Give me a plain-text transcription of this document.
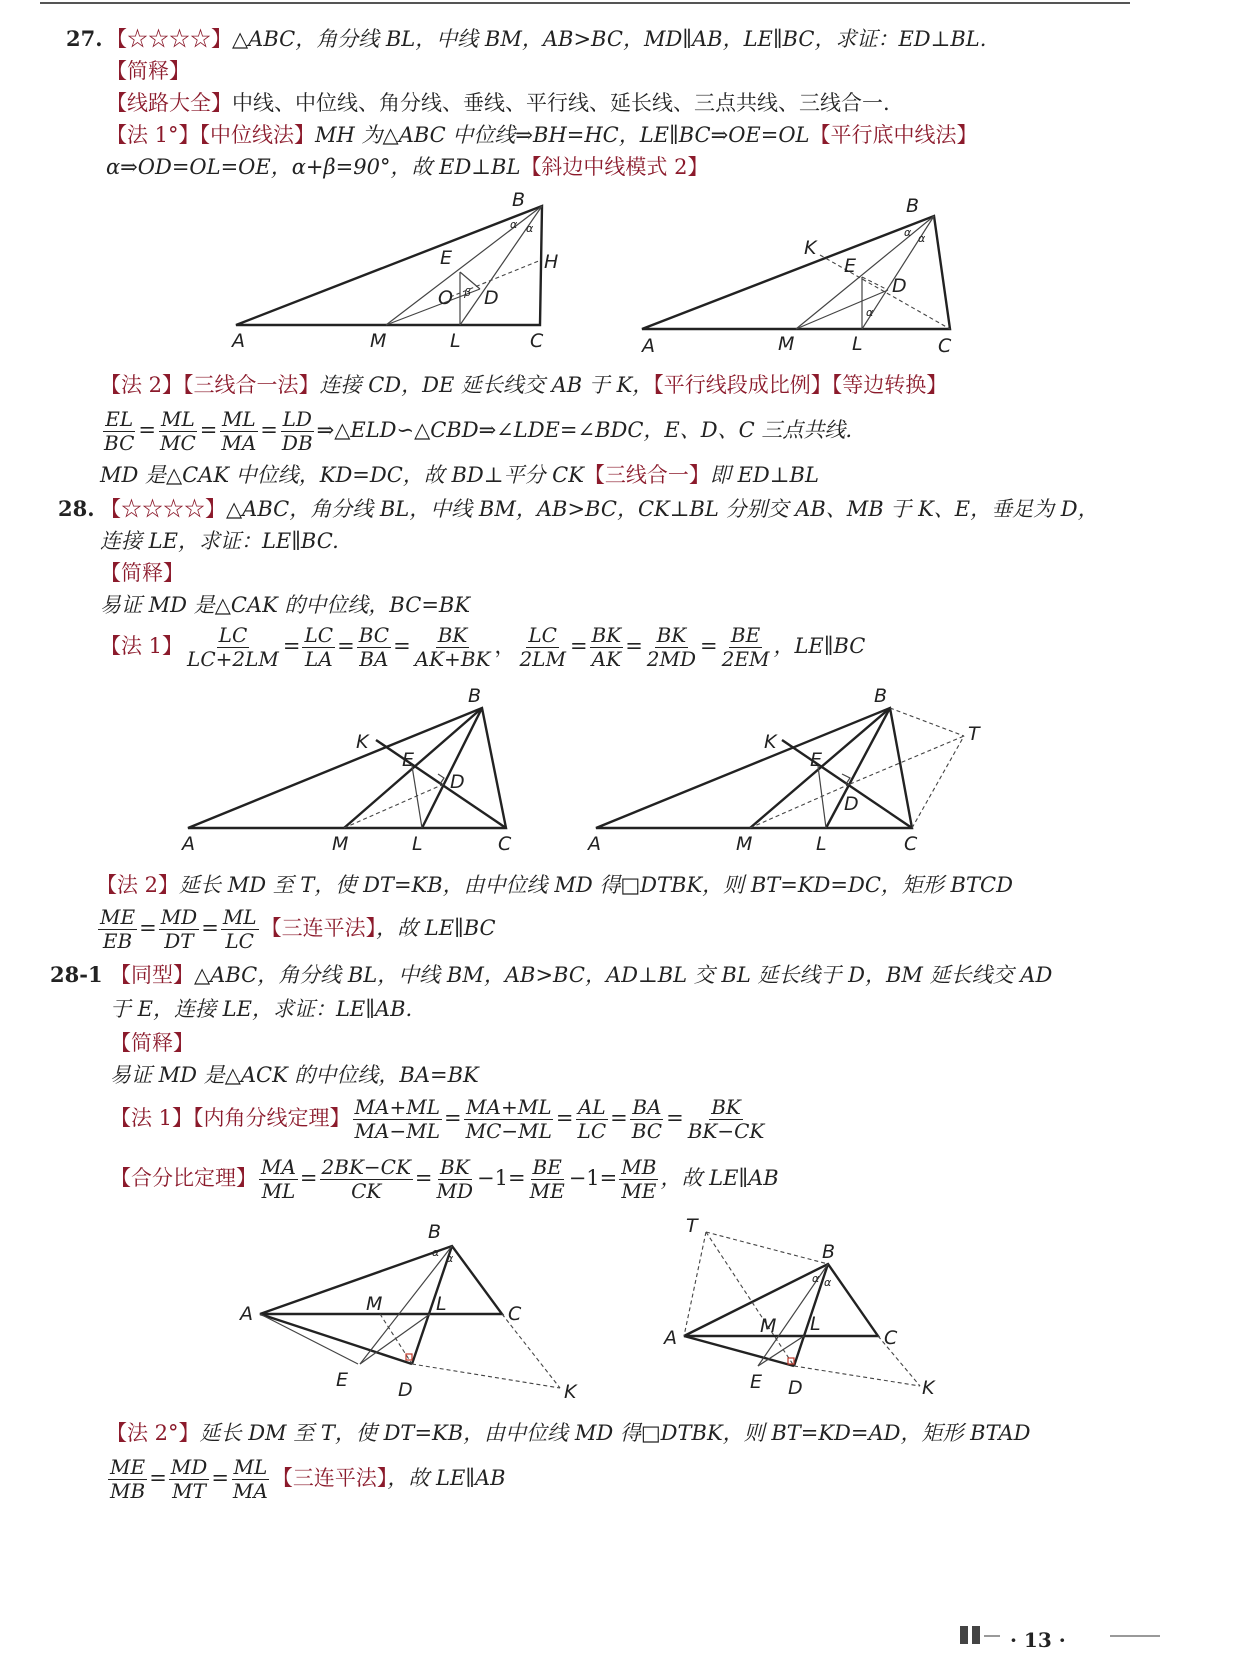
27. 【☆☆☆☆】△ABC，角分线 BL，中线 BM，AB>BC，MD∥AB，LE∥BC，求证：ED⊥BL.
【简释】
【线路大全】中线、中位线、角分线、垂线、平行线、延长线、三点共线、三线合一.
【法 1°】【中位线法】MH 为△ABC 中位线⇒BH=HC，LE∥BC⇒OE=OL【平行底中线法】
α⇒OD=OL=OE，α+β=90°，故 ED⊥BL【斜边中线模式 2】
A
B
C
M	L
E
O D
H
α α
β
A
B
C
M	L
E
D
K
α α
α
【法 2】【三线合一法】连接 CD，DE 延长线交 AB 于 K，【平行线段成比例】【等边转换】
$\frac{EL}{BC} = \frac{ML}{MC} = \frac{ML}{MA} = \frac{LD}{DB}$ ⇒△ELD∽△CBD⇒∠LDE=∠BDC，E、D、C 三点共线.
MD 是△CAK 中位线，KD=DC，故 BD⊥平分 CK【三线合一】即 ED⊥BL
28. 【☆☆☆☆】△ABC，角分线 BL，中线 BM，AB>BC，CK⊥BL 分别交 AB、MB 于 K、E，垂足为 D，
连接 LE，求证：LE∥BC.
【简释】
易证 MD 是△CAK 的中位线，BC=BK
【法 1】 $\frac{LC}{LC+2LM} = \frac{LC}{LA} = \frac{BC}{BA} = \frac{BK}{AK+BK}$ ， $\frac{LC}{2LM} = \frac{BK}{AK} = \frac{BK}{2MD} = \frac{BE}{2EM}$ ，LE∥BC
A
B
C
M	L
E
D
K
A
B
C
M	L
E
D
K	T
【法 2】延长 MD 至 T，使 DT=KB，由中位线 MD 得□DTBK，则 BT=KD=DC，矩形 BTCD
$\frac{ME}{EB} = \frac{MD}{DT} = \frac{ML}{LC}$ 【三连平法】，故 LE∥BC
28-1 【同型】△ABC，角分线 BL，中线 BM，AB>BC，AD⊥BL 交 BL 延长线于 D，BM 延长线交 AD
于 E，连接 LE，求证：LE∥AB.
【简释】
易证 MD 是△ACK 的中位线，BA=BK
【法 1】【内角分线定理】 $\frac{MA+ML}{MA-ML} = \frac{MA+ML}{MC-ML} = \frac{AL}{LC} = \frac{BA}{BC} = \frac{BK}{BK-CK}$
【合分比定理】 $\frac{MA}{ML} = \frac{2BK-CK}{CK} = \frac{BK}{MD} -1= \frac{BE}{ME} -1= \frac{MB}{ME}$ ，故 LE∥AB
A
B
C
M	L
E	D	K
α α
A
B
C
M L
E D	K
T
α α
【法 2°】延长 DM 至 T，使 DT=KB，由中位线 MD 得□DTBK，则 BT=KD=AD，矩形 BTAD
$\frac{ME}{MB} = \frac{MD}{MT} = \frac{ML}{MA}$ 【三连平法】，故 LE∥AB
· 13 ·
